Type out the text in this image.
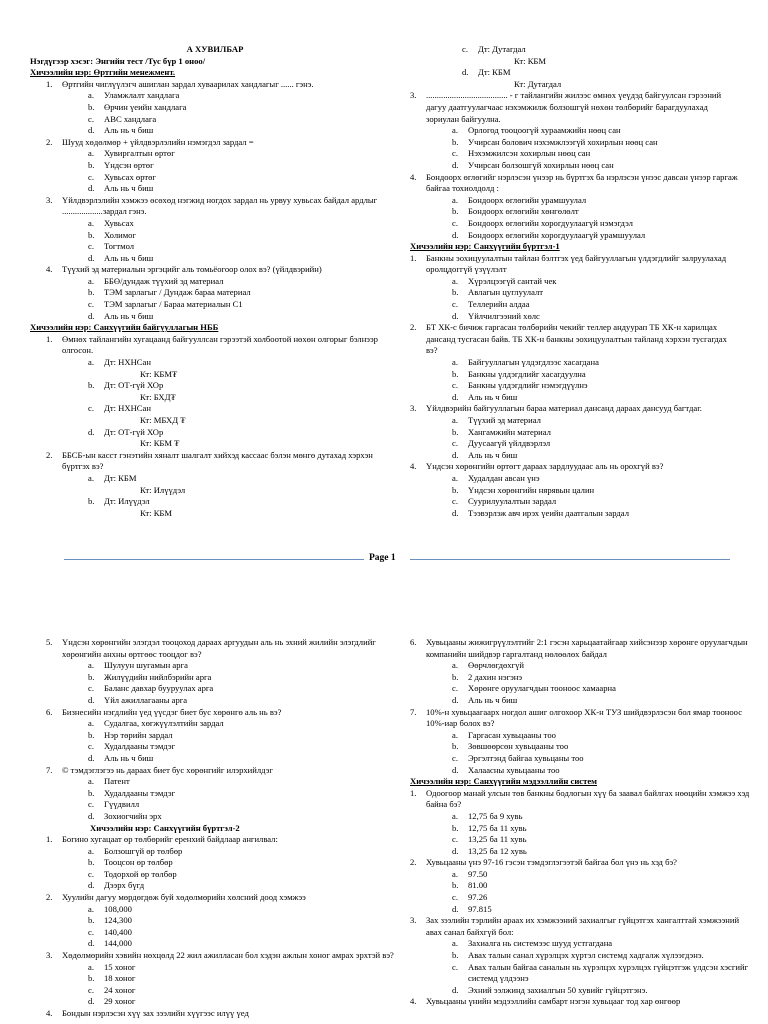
А ХУВИЛБАР
Нэгдүгээр хэсэг: Энгийн тест /Тус бүр 1 оноо/
Хичээлийн нэр: Өртгийн менежмент.
1.	Өртгийн чиглүүлэгч ашиглан зардал хуваарилах хандлагыг ...... гэнэ.
a.	Уламжлалт хандлага
b.	Өрчин үеийн хандлага
c.	АВС хандлага
d.	Аль нь ч биш
2.	Шууд хөдөлмөр + үйлдвэрлэлийн нэмэгдэл зардал =
a.	Хувиргалтын өртөг
b.	Үндсэн өртөг
c.	Хувьсах өртөг
d.	Аль нь ч биш
3.	Үйлдвэрлэлийн хэмжээ өсөхөд нэгжид ногдох зардал нь урвуу хувьсах байдал ардлыг ...................зардал гэнэ.
a.	Хувьсах
b.	Холимог
c.	Тогтмол
d.	Аль нь ч биш
4.	Түүхий эд материалын эргэцийг аль томьёогоор олох вэ? (үйлдвэрийн)
a.	ББӨ/дундаж түүхий эд материал
b.	ТЭМ зарлагыг / Дундаж бараа материал
c.	ТЭМ зарлагыг / Бараа материалын С1
d.	Аль нь ч биш
Хичээлийн нэр: Санхүүгийн байгууллагын НББ
1.	Өмнөх тайлангийн хугацаанд байгууллсан гэрээтэй холбоотой нөхөн олгорыг бэлнээр олгосон.
a.	Дт: НХНСан
Кт: КБМ₮
b.	Дт: ОТ-гүй ХОр
Кт: БХД₮
c.	Дт: НХНСан
Кт: МБХД ₮
d.	Дт: ОТ-гүй ХОр
Кт: КБМ ₮
2.	ББСБ-ын касст гэнэтийн хяналт шалгалт хийхэд кассаас бэлэн мөнгө дутахад хэрхэн бүртгэх вэ?
a.	Дт: КБМ
Кт: Илүүдэл
b.	Дт: Илүүдэл
Кт: КБМ
c.	Дт: Дутагдал
Кт: КБМ
d.	Дт: КБМ
Кт: Дутагдал
3.	...................................... - г тайлангийн жилээс өмнөх үеүдэд байгуулсан гэрээний дагуу даатгуулагчаас нэхэмжилж болзошгүй нөхөн төлбөрийг барагдуулахад зориулан байгуулна.
a.	Орлогод тооцоогүй хураамжийн нөөц сан
b.	Учирсан болович нэхэмжлээгүй хохирлын нөөц сан
c.	Нэхэмжилсэн хохирлын нөөц сан
d.	Учирсан болзошгүй хохирлын нөөц сан
4.	Бондоорх өглөгийг нэрлэсэн үнээр нь бүртгэх ба нэрлэсэн үнээс давсан үнээр гаргаж байгаа тохиолдолд :
a.	Бондоорх өглөгийн урамшуулал
b.	Бондоорх өглөгийн хөнгөлөлт
c.	Бондоорх өглөгийн хорогдуулаагүй нэмэгдэл
d.	Бондоорх өглөгийн хорогдуулаагүй урамшуулал
Хичээлийн нэр: Санхүүгийн бүртгэл-1
1.	Банкны эохицуулалтын тайлан бэлтгэх үед байгууллагын үлдэгдлийг залруулахад оролцдоггүй үзүүлэлт
a.	Хүрэлцээгүй сантай чек
b.	Авлагын цуглуулалт
c.	Теллерийн алдаа
d.	Үйлчилгээний хөлс
2.	БТ ХК-с бичиж гаргасан төлбөрийн чекийг теллер андуурап ТБ ХК-н харилцах дансанд тусгасан байв. ТБ ХК-н банкны эохицуулалтын тайланд хэрхэн тусгагдах вэ?
a.	Байгууллагын үлдэгдлээс хасагдана
b.	Банкны үлдэгдлийг хасагдуулна
c.	Банкны үлдэгдлийг нэмэгдүүлнэ
d.	Аль нь ч биш
3.	Үйлдвэрийн байгууллагын бараа материал дансанд дараах дансууд багтдаг.
a.	Түүхий эд материал
b.	Хангамжийн материал
c.	Дуусаагүй үйлдвэрлэл
d.	Аль нь ч биш
4.	Үндсэн хөрөнгийн өртөгт дараах зардлуудаас аль нь орохгүй вэ?
a.	Худалдан авсан үнэ
b.	Үндсэн хөрөнгийн нярявын цалин
c.	Суурилуулалтын зардал
d.	Тээвэрлэж авч ирэх үеийн даатгалын зардал
Page 1
5.	Үндсэн хөрөнгийн элэгдэл тооцоход дараах аргуудын аль нь эхний жилийн элэгдлийг хөрөнгийн анхны өртгөөс тооцдог вэ?
a.	Шулуун шугамын арга
b.	Жилүүдийн нийлбэрийн арга
c.	Баланс давхар бууруулах арга
d.	Үйл ажиллагааны арга
6.	Бизнесийн нэгдлийн үед үүсдэг биет бус хөрөнгө аль нь вэ?
a.	Судалгаа, хөгжүүлэлтийн зардал
b.	Нэр төрийн зардал
c.	Худалдааны тэмдэг
d.	Аль нь ч биш
7.	© тэмдэглэгээ нь дараах биет бус хөрөнгийг илэрхийлдэг
a.	Патент
b.	Худалдааны тэмдэг
c.	Гүүдвилл
d.	Зохиогчийн эрх
Хичээлийн нэр: Санхүүгийн бүртгэл-2
1.	Богино хугацаат өр төлбөрийг еренхий байдлаар ангилвал:
a.	Болзошгүй өр төлбөр
b.	Тооцсон өр төлбөр
c.	Тодорхой өр төлбөр
d.	Дээрх бүгд
2.	Хуулийн дагуу мөрдөгдөж буй хөдөлмөрийн хөлсний доод хэмжээ
a.	108,000
b.	124,300
c.	140,400
d.	144,000
3.	Хөдөлмөрийн хэвийн нөхцөлд 22 жил ажилласан бол хэдэн ажлын хоног амрах эрхтэй вэ?
a.	15 хоног
b.	18 хоног
c.	24 хоног
d.	29 хоног
4.	Бондын нэрлэсэн хүү зах зээлийн хүүгээс илүү үед
6.	Хувьцааны жижигрүүлэлтийг 2:1 гэсэн харьцаатайгаар хийсэнээр хөрөнге оруулагчдын компанийн шийдвэр гаргалтанд нөлөөлөх байдал
a.	Өөрчлөгдөхгүй
b.	2 дахин нэгэнэ
c.	Хөрөнге оруулагчдын тооноос хамаарна
d.	Аль нь ч биш
7.	10%-н хувьцаагаарх ногдол ашиг олгохоор ХК-н ТУЗ шийдвэрлэсэн бол ямар тооноос 10%-иар болох вэ?
a.	Гаргасан хувьцааны тоо
b.	Зөвшөөрсөн хувьцааны тоо
c.	Эргэлтэнд байгаа хувьцаны тоо
d.	Халаасны хувьцааны тоо
Хичээлийн нэр: Санхүүгийн мэдээллийн систем
1.	Одоогоор манай улсын төв банкны бодлогын хүү ба заавал байлгах нөөцийн хэмжээ хэд байна бэ?
a.	12,75 ба 9 хувь
b.	12,75 ба 11 хувь
c.	13,25 ба 11 хувь
d.	13,25 ба 12 хувь
2.	Хувьцааны үнэ 97-16 гэсэн тэмдэглэгээтэй байгаа бол үнэ нь хэд бэ?
a.	97.50
b.	81.00
c.	97.26
d.	97.815
3.	Зах зээлийн тэрлийн араах их хэмжээний захиалгыг гүйцэтгэх хангалттай хэмжээний авах санал байхгүй бол:
a.	Захиалга нь системээс шууд устгагдана
b.	Авах талын санал хүрэлцэх хүртэл системд хадгалж хүлээгдэнэ.
c.	Авах талын байгаа саналын нь хүрэлцэх хүрэлцэх гүйцэтгэж үлдсэн хэсгийг системд үлдээнэ
d.	Эхний ээлжинд захиалгын 50 хувийг гүйцэтгэнэ.
4.	Хувьцааны үнийн мэдээллийн самбарт нэгэн хувьцааг тод хар өнгөөр
